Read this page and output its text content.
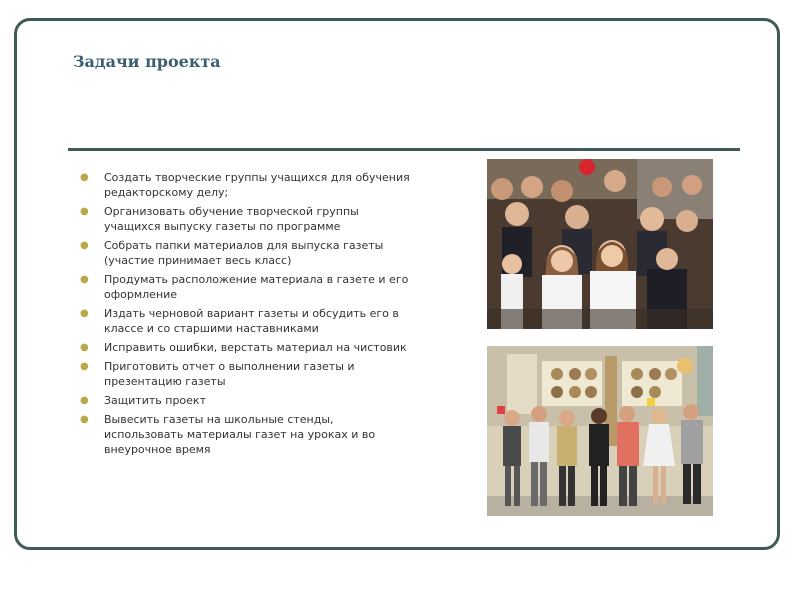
Задачи проекта
● Создать творческие группы учащихся для обучения редакторскому делу;
● Организовать обучение творческой группы учащихся выпуску газеты по программе
● Собрать папки материалов для выпуска газеты (участие принимает весь класс)
● Продумать расположение материала в газете и его оформление
● Издать черновой вариант газеты и обсудить его в классе и со старшими наставниками
● Исправить ошибки, верстать материал на чистовик
● Приготовить отчет о выполнении газеты и презентацию газеты
● Защитить проект
● Вывесить газеты на школьные стенды, использовать материалы газет на уроках и во внеурочное время
